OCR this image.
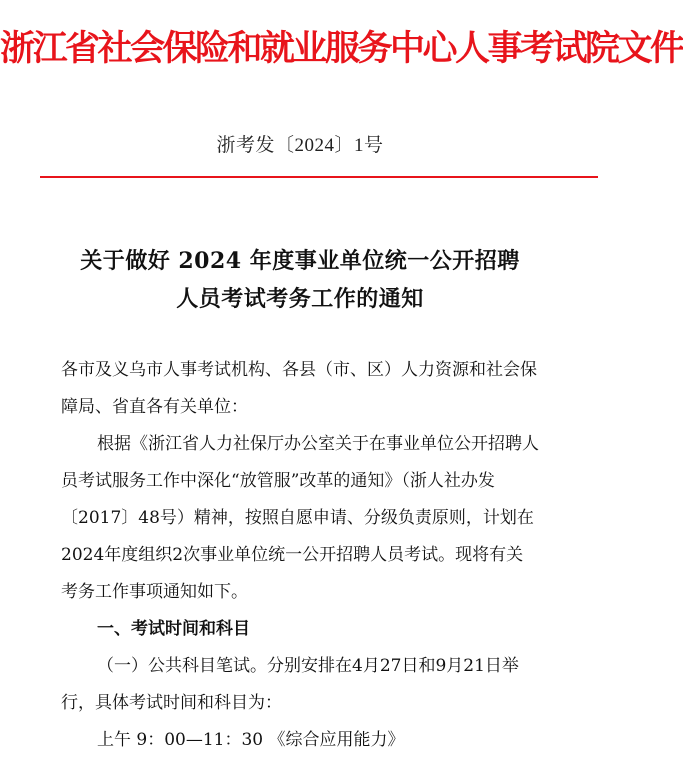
浙江省社会保险和就业服务中心人事考试院文件
浙考发〔2024〕1号
关于做好 2024 年度事业单位统一公开招聘
人员考试考务工作的通知
各市及义乌市人事考试机构、各县（市、区）人力资源和社会保
障局、省直各有关单位：
根据《浙江省人力社保厅办公室关于在事业单位公开招聘人
员考试服务工作中深化“放管服”改革的通知》（浙人社办发
〔2017〕48号）精神，按照自愿申请、分级负责原则，计划在
2024年度组织2次事业单位统一公开招聘人员考试。现将有关
考务工作事项通知如下。
一、考试时间和科目
（一）公共科目笔试。分别安排在4月27日和9月21日举
行，具体考试时间和科目为：
上午 9：00—11：30 《综合应用能力》
